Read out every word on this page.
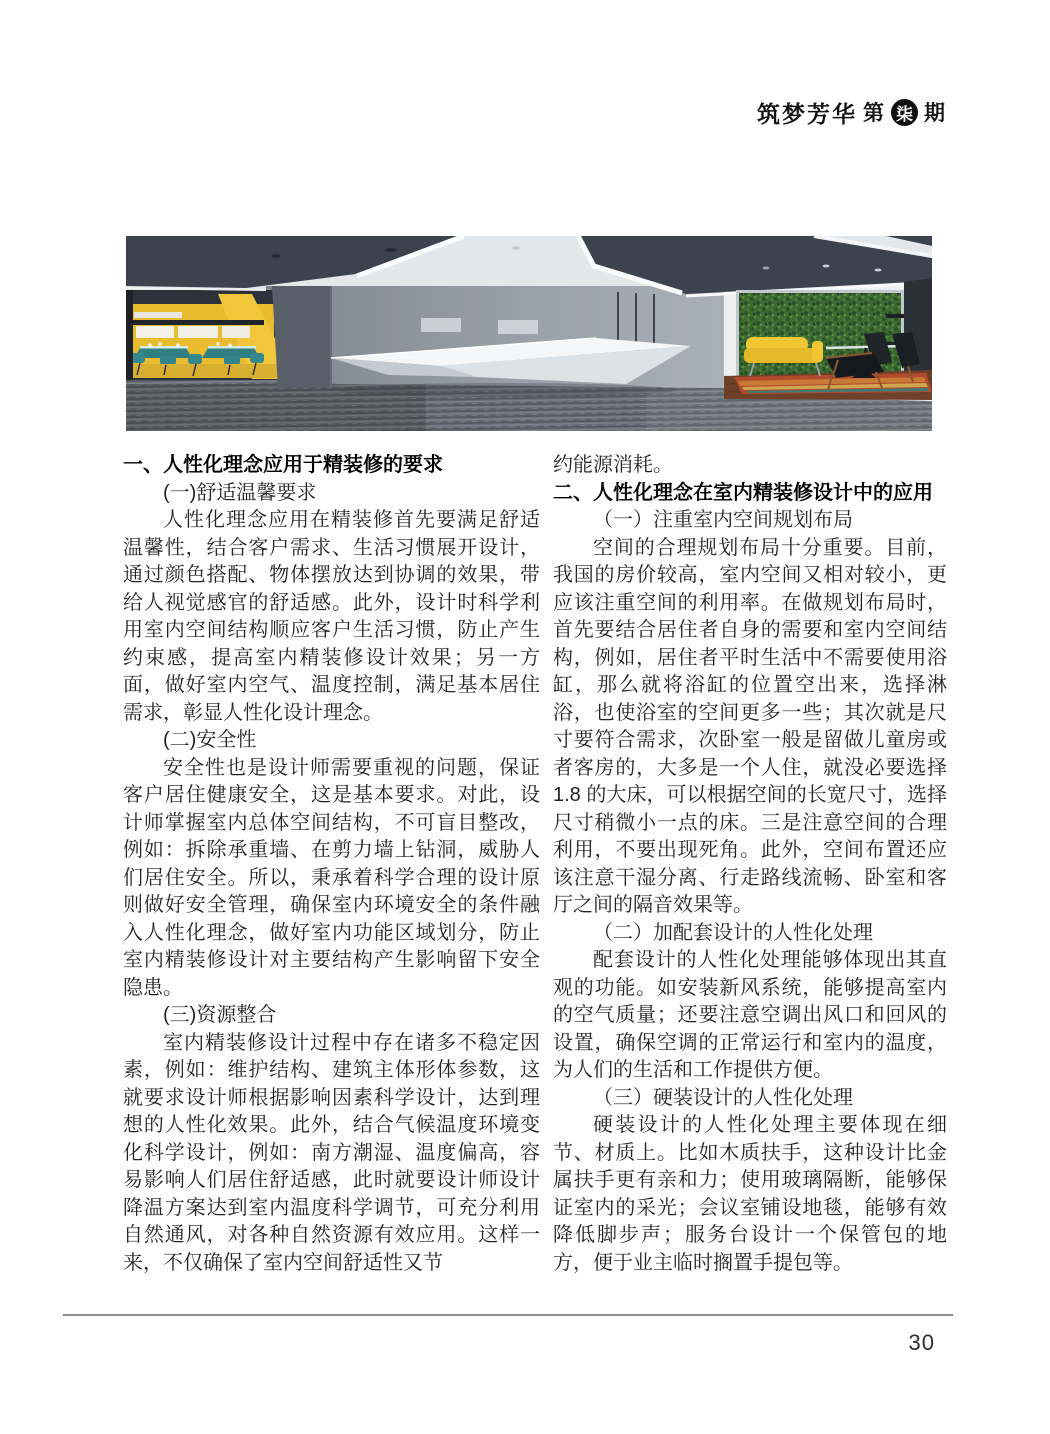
筑梦芳华 第 柒 期
一、人性化理念应用于精装修的要求
(一)舒适温馨要求
人性化理念应用在精装修首先要满足舒适温馨性，结合客户需求、生活习惯展开设计，通过颜色搭配、物体摆放达到协调的效果，带给人视觉感官的舒适感。此外，设计时科学利用室内空间结构顺应客户生活习惯，防止产生约束感，提高室内精装修设计效果；另一方面，做好室内空气、温度控制，满足基本居住需求，彰显人性化设计理念。
(二)安全性
安全性也是设计师需要重视的问题，保证客户居住健康安全，这是基本要求。对此，设计师掌握室内总体空间结构，不可盲目整改，例如：拆除承重墙、在剪力墙上钻洞，威胁人们居住安全。所以，秉承着科学合理的设计原则做好安全管理，确保室内环境安全的条件融入人性化理念，做好室内功能区域划分，防止室内精装修设计对主要结构产生影响留下安全隐患。
(三)资源整合
室内精装修设计过程中存在诸多不稳定因素，例如：维护结构、建筑主体形体参数，这就要求设计师根据影响因素科学设计，达到理想的人性化效果。此外，结合气候温度环境变化科学设计，例如：南方潮湿、温度偏高，容易影响人们居住舒适感，此时就要设计师设计降温方案达到室内温度科学调节，可充分利用自然通风，对各种自然资源有效应用。这样一来，不仅确保了室内空间舒适性又节
约能源消耗。
二、人性化理念在室内精装修设计中的应用
（一）注重室内空间规划布局
空间的合理规划布局十分重要。目前，我国的房价较高，室内空间又相对较小，更应该注重空间的利用率。在做规划布局时，首先要结合居住者自身的需要和室内空间结构，例如，居住者平时生活中不需要使用浴缸，那么就将浴缸的位置空出来，选择淋浴，也使浴室的空间更多一些；其次就是尺寸要符合需求，次卧室一般是留做儿童房或者客房的，大多是一个人住，就没必要选择1.8 的大床，可以根据空间的长宽尺寸，选择尺寸稍微小一点的床。三是注意空间的合理利用，不要出现死角。此外，空间布置还应该注意干湿分离、行走路线流畅、卧室和客厅之间的隔音效果等。
（二）加配套设计的人性化处理
配套设计的人性化处理能够体现出其直观的功能。如安装新风系统，能够提高室内的空气质量；还要注意空调出风口和回风的设置，确保空调的正常运行和室内的温度，为人们的生活和工作提供方便。
（三）硬装设计的人性化处理
硬装设计的人性化处理主要体现在细节、材质上。比如木质扶手，这种设计比金属扶手更有亲和力；使用玻璃隔断，能够保证室内的采光；会议室铺设地毯，能够有效降低脚步声；服务台设计一个保管包的地方，便于业主临时搁置手提包等。
30
